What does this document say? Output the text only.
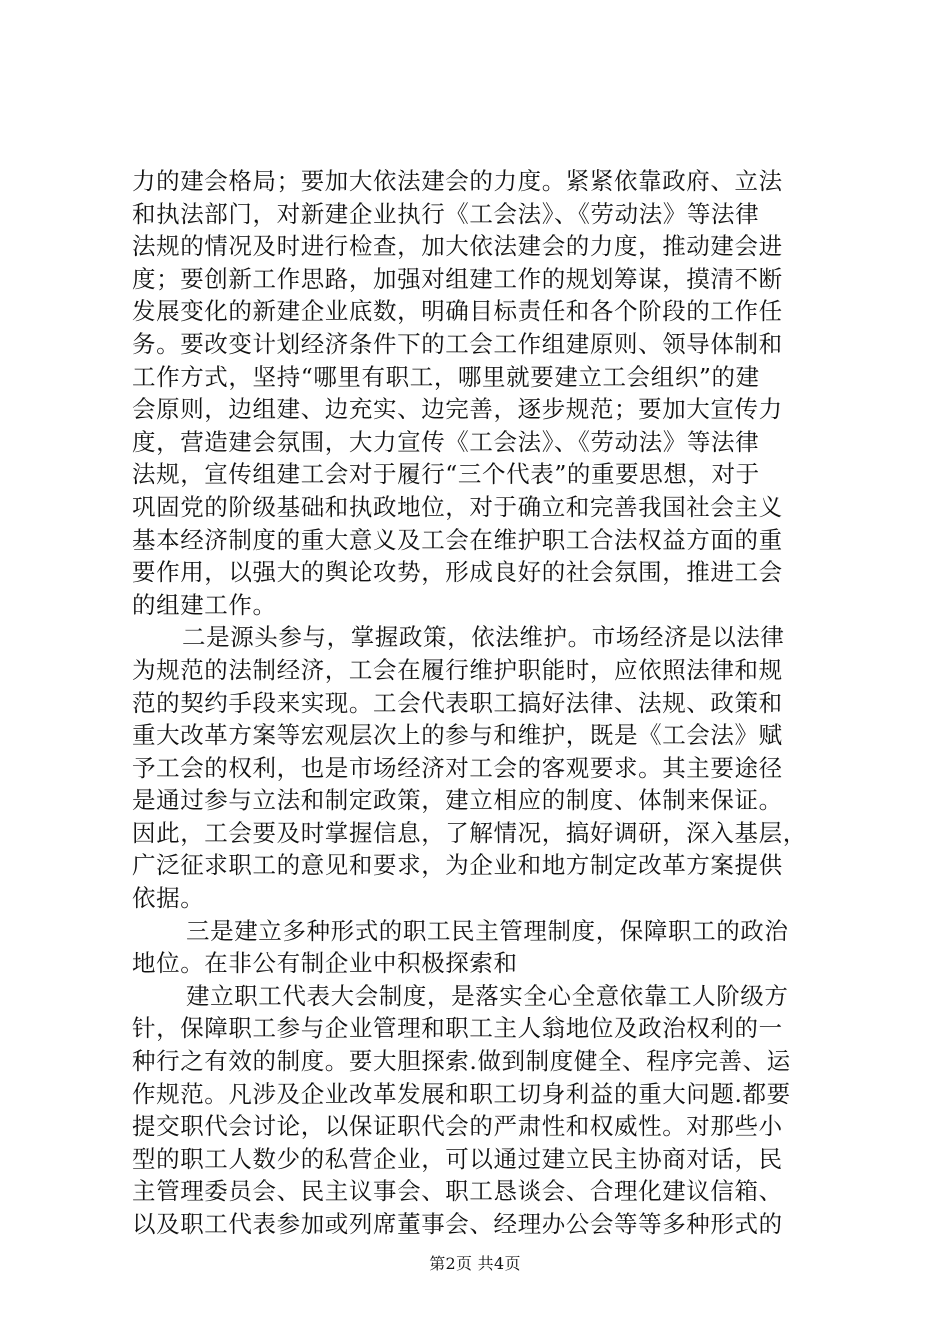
力的建会格局；要加大依法建会的力度。紧紧依靠政府、立法
和执法部门，对新建企业执行《工会法》、《劳动法》等法律
法规的情况及时进行检查，加大依法建会的力度，推动建会进
度；要创新工作思路，加强对组建工作的规划筹谋，摸清不断
发展变化的新建企业底数，明确目标责任和各个阶段的工作任
务。要改变计划经济条件下的工会工作组建原则、领导体制和
工作方式，坚持“哪里有职工，哪里就要建立工会组织”的建
会原则，边组建、边充实、边完善，逐步规范；要加大宣传力
度，营造建会氛围，大力宣传《工会法》、《劳动法》等法律
法规，宣传组建工会对于履行“三个代表”的重要思想，对于
巩固党的阶级基础和执政地位，对于确立和完善我国社会主义
基本经济制度的重大意义及工会在维护职工合法权益方面的重
要作用，以强大的舆论攻势，形成良好的社会氛围，推进工会
的组建工作。
二是源头参与，掌握政策，依法维护。市场经济是以法律
为规范的法制经济，工会在履行维护职能时，应依照法律和规
范的契约手段来实现。工会代表职工搞好法律、法规、政策和
重大改革方案等宏观层次上的参与和维护，既是《工会法》赋
予工会的权利，也是市场经济对工会的客观要求。其主要途径
是通过参与立法和制定政策，建立相应的制度、体制来保证。
因此，工会要及时掌握信息，了解情况，搞好调研，深入基层，
广泛征求职工的意见和要求，为企业和地方制定改革方案提供
依据。
三是建立多种形式的职工民主管理制度，保障职工的政治
地位。在非公有制企业中积极探索和
建立职工代表大会制度，是落实全心全意依靠工人阶级方
针，保障职工参与企业管理和职工主人翁地位及政治权利的一
种行之有效的制度。要大胆探索.做到制度健全、程序完善、运
作规范。凡涉及企业改革发展和职工切身利益的重大问题.都要
提交职代会讨论，以保证职代会的严肃性和权威性。对那些小
型的职工人数少的私营企业，可以通过建立民主协商对话，民
主管理委员会、民主议事会、职工恳谈会、合理化建议信箱、
以及职工代表参加或列席董事会、经理办公会等等多种形式的
第2页 共4页
